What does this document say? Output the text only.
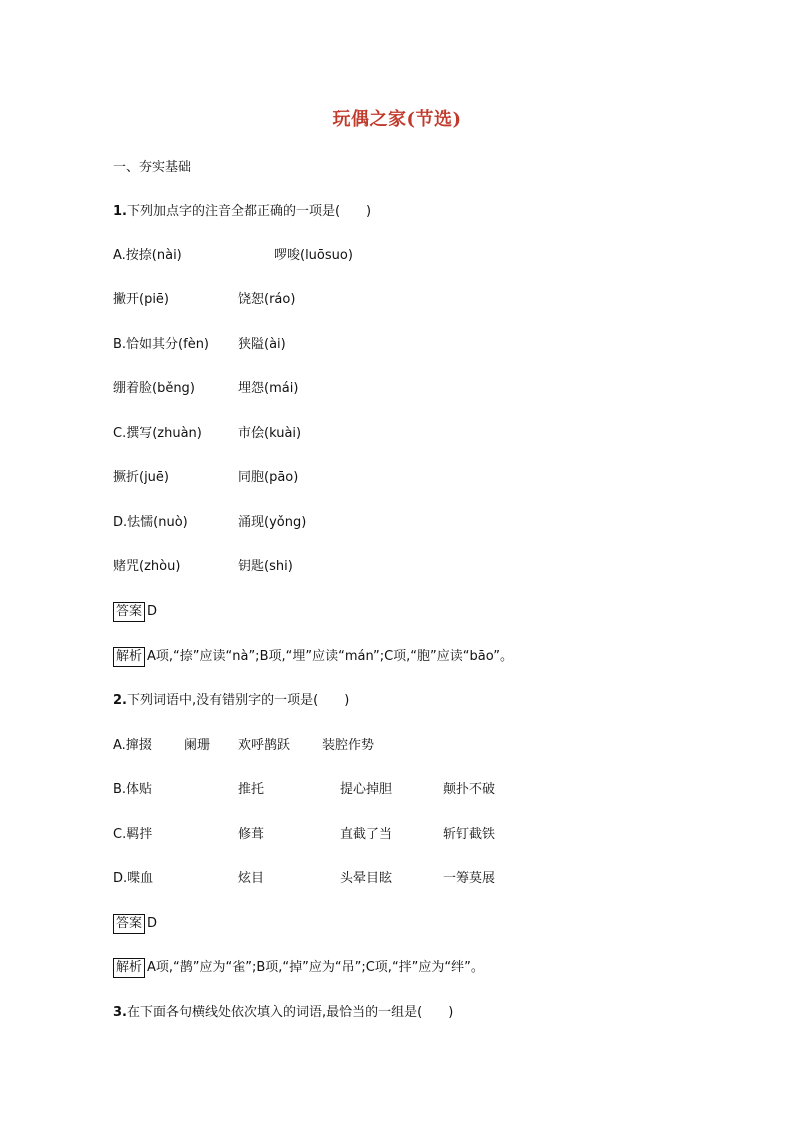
玩偶之家(节选)
一、夯实基础
1.下列加点字的注音全都正确的一项是(　　)
A.按捺(nài)	啰唆(luōsuo)
撇开(piē)	饶恕(ráo)
B.恰如其分(fèn) 狭隘(ài)
绷着脸(běng)	埋怨(mái)
C.撰写(zhuàn)	市侩(kuài)
撅折(juē)	同胞(pāo)
D.怯懦(nuò)	涌现(yǒng)
赌咒(zhòu)	钥匙(shi)
答案 D
解析 A项,“捺”应读“nà”;B项,“埋”应读“mán”;C项,“胞”应读“bāo”。
2.下列词语中,没有错别字的一项是(　　)
A.撺掇 阑珊 欢呼鹊跃 装腔作势
B.体贴	推托	提心掉胆	颠扑不破
C.羁拌	修葺	直截了当	斩钉截铁
D.喋血	炫目	头晕目眩	一筹莫展
答案 D
解析 A项,“鹊”应为“雀”;B项,“掉”应为“吊”;C项,“拌”应为“绊”。
3.在下面各句横线处依次填入的词语,最恰当的一组是(　　)
